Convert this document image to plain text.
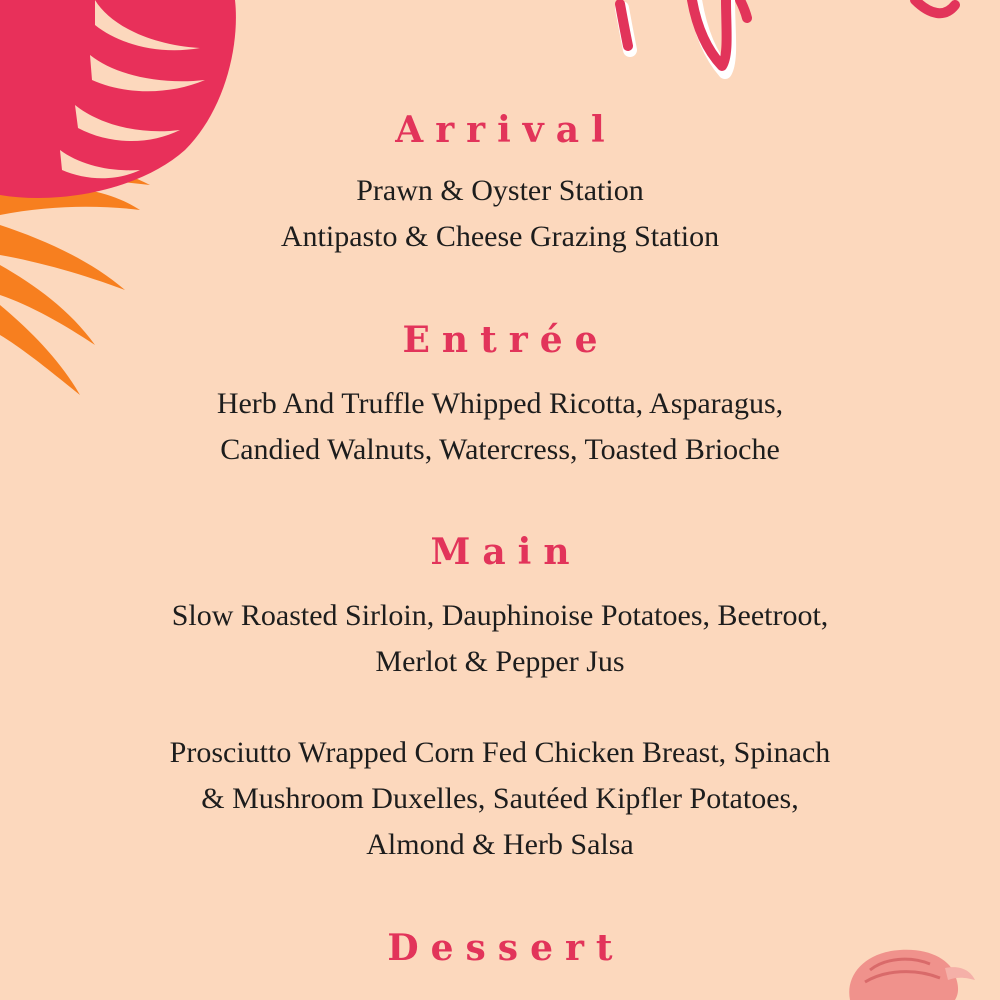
Arrival
Prawn & Oyster Station
Antipasto & Cheese Grazing Station
Entrée
Herb And Truffle Whipped Ricotta, Asparagus,
Candied Walnuts, Watercress, Toasted Brioche
Main
Slow Roasted Sirloin, Dauphinoise Potatoes, Beetroot,
Merlot & Pepper Jus
Prosciutto Wrapped Corn Fed Chicken Breast, Spinach
& Mushroom Duxelles, Sautéed Kipfler Potatoes,
Almond & Herb Salsa
Dessert
